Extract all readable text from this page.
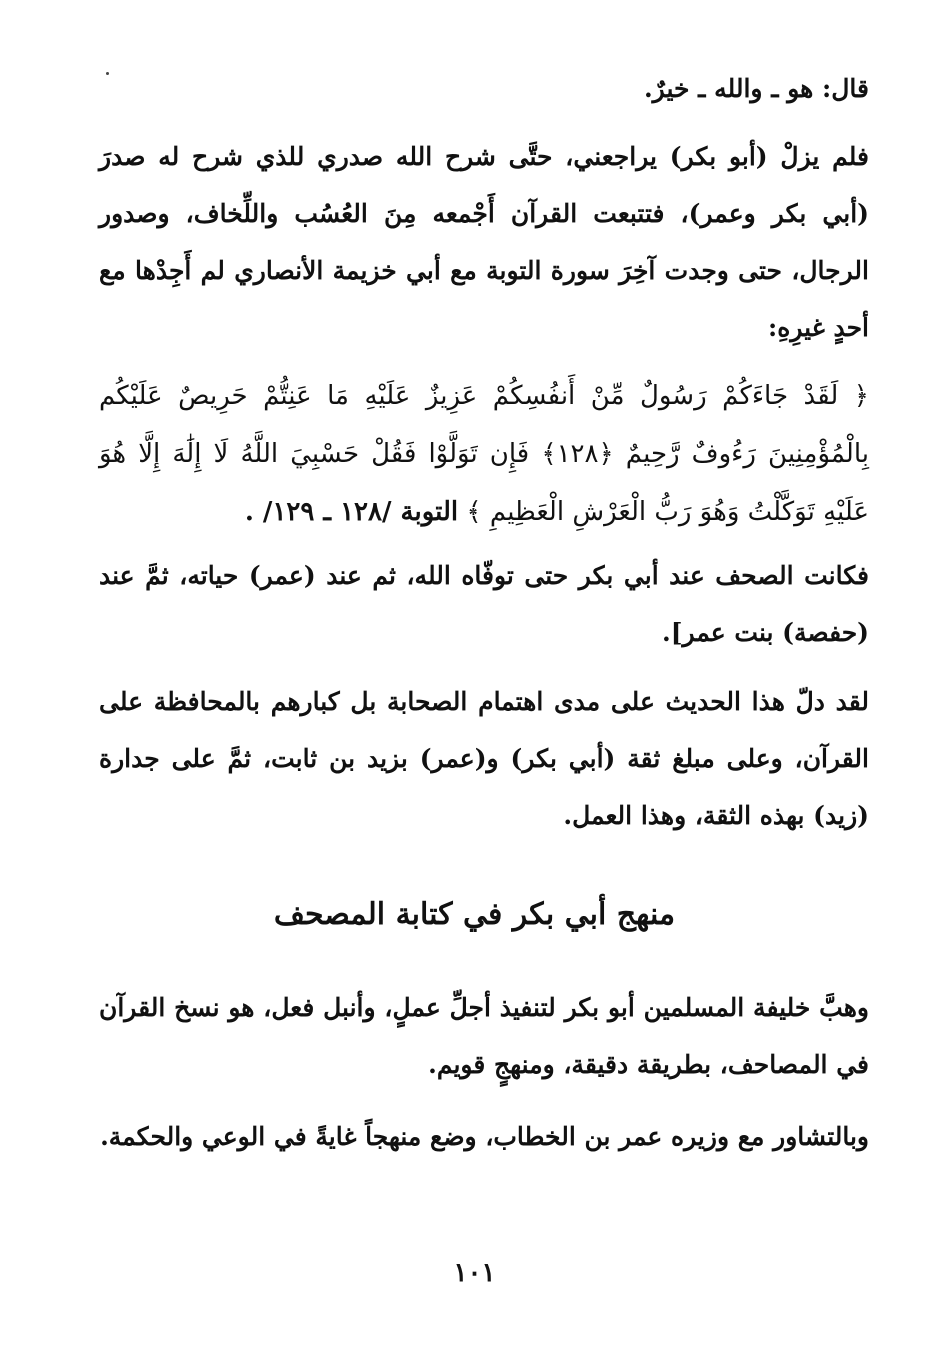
قال: هو ـ والله ـ خيرٌ.
فلم يزلْ (أبو بكر) يراجعني، حتَّى شرح الله صدري للذي شرح له صدرَ (أبي بكر وعمر)، فتتبعت القرآن أَجْمعه مِنَ العُسُب واللِّخاف، وصدور الرجال، حتى وجدت آخِرَ سورة التوبة مع أبي خزيمة الأنصاري لم أَجِدْها مع أحدٍ غيرِهِ:
﴿ لَقَدْ جَاءَكُمْ رَسُولٌ مِّنْ أَنفُسِكُمْ عَزِيزٌ عَلَيْهِ مَا عَنِتُّمْ حَرِيصٌ عَلَيْكُم بِالْمُؤْمِنِينَ رَءُوفٌ رَّحِيمٌ ﴿١٢٨﴾ فَإِن تَوَلَّوْا فَقُلْ حَسْبِيَ اللَّهُ لَا إِلَٰهَ إِلَّا هُوَ عَلَيْهِ تَوَكَّلْتُ وَهُوَ رَبُّ الْعَرْشِ الْعَظِيمِ ﴾ التوبة /١٢٨ ـ ١٢٩/ .
فكانت الصحف عند أبي بكر حتى توفّاه الله، ثم عند (عمر) حياته، ثمَّ عند (حفصة) بنت عمر].
لقد دلّ هذا الحديث على مدى اهتمام الصحابة بل كبارهم بالمحافظة على القرآن، وعلى مبلغ ثقة (أبي بكر) و(عمر) بزيد بن ثابت، ثمَّ على جدارة (زيد) بهذه الثقة، وهذا العمل.
منهج أبي بكر في كتابة المصحف
وهبَّ خليفة المسلمين أبو بكر لتنفيذ أجلِّ عملٍ، وأنبل فعل، هو نسخ القرآن في المصاحف، بطريقة دقيقة، ومنهجٍ قويم.
وبالتشاور مع وزيره عمر بن الخطاب، وضع منهجاً غايةً في الوعي والحكمة.
١٠١
